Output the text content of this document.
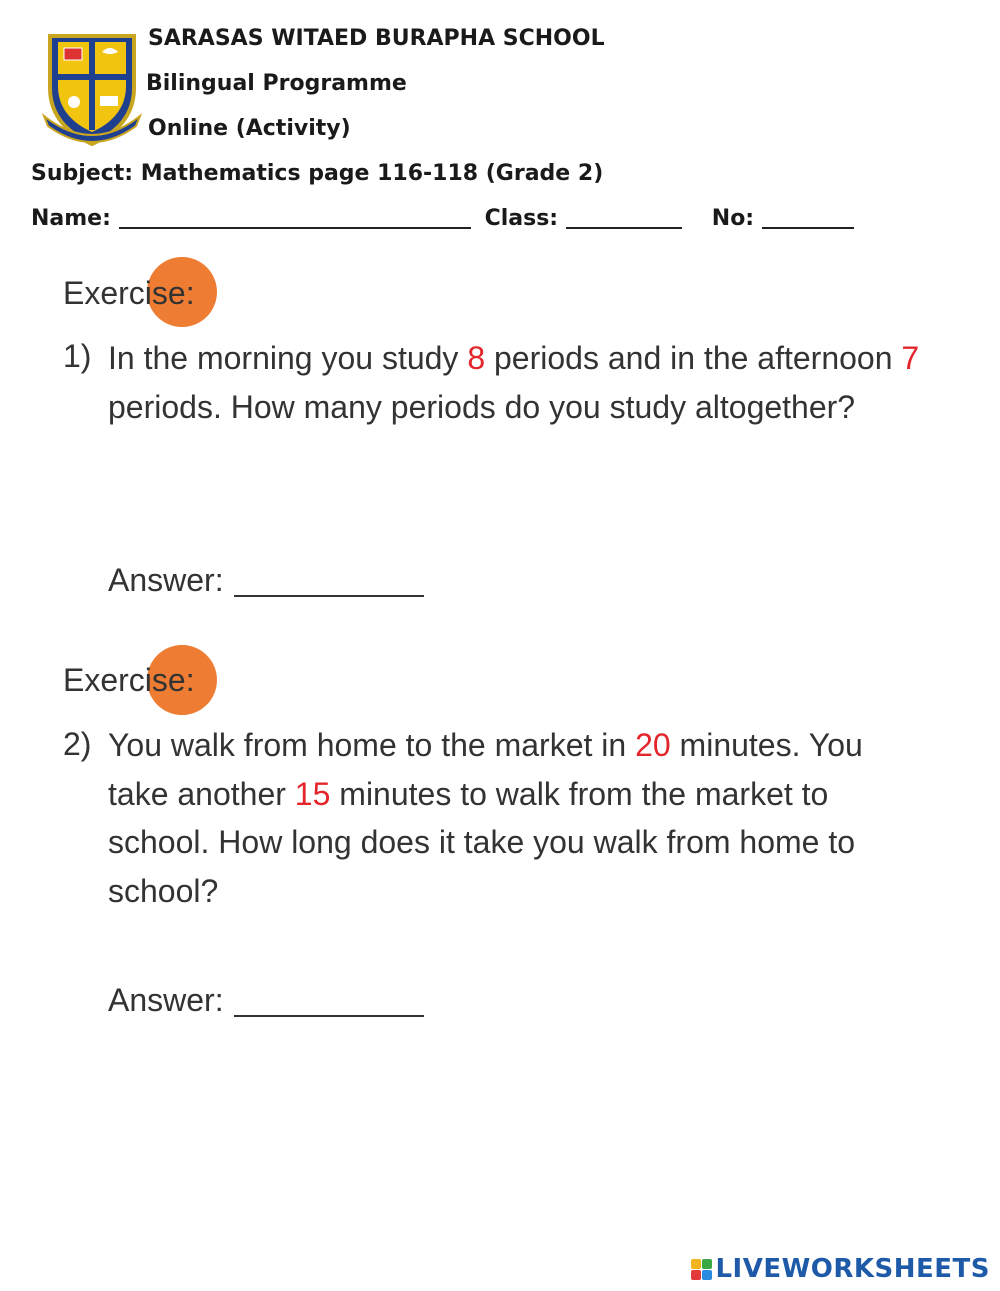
SARASAS WITAED BURAPHA SCHOOL
Bilingual Programme
Online (Activity)
Subject: Mathematics page 116-118 (Grade 2)
Name:	Class:	No:
Exercise:
1) In the morning you study 8 periods and in the afternoon 7 periods. How many periods do you study altogether?
Answer:
Exercise:
2) You walk from home to the market in 20 minutes. You take another 15 minutes to walk from the market to school. How long does it take you walk from home to school?
Answer:
LIVEWORKSHEETS
